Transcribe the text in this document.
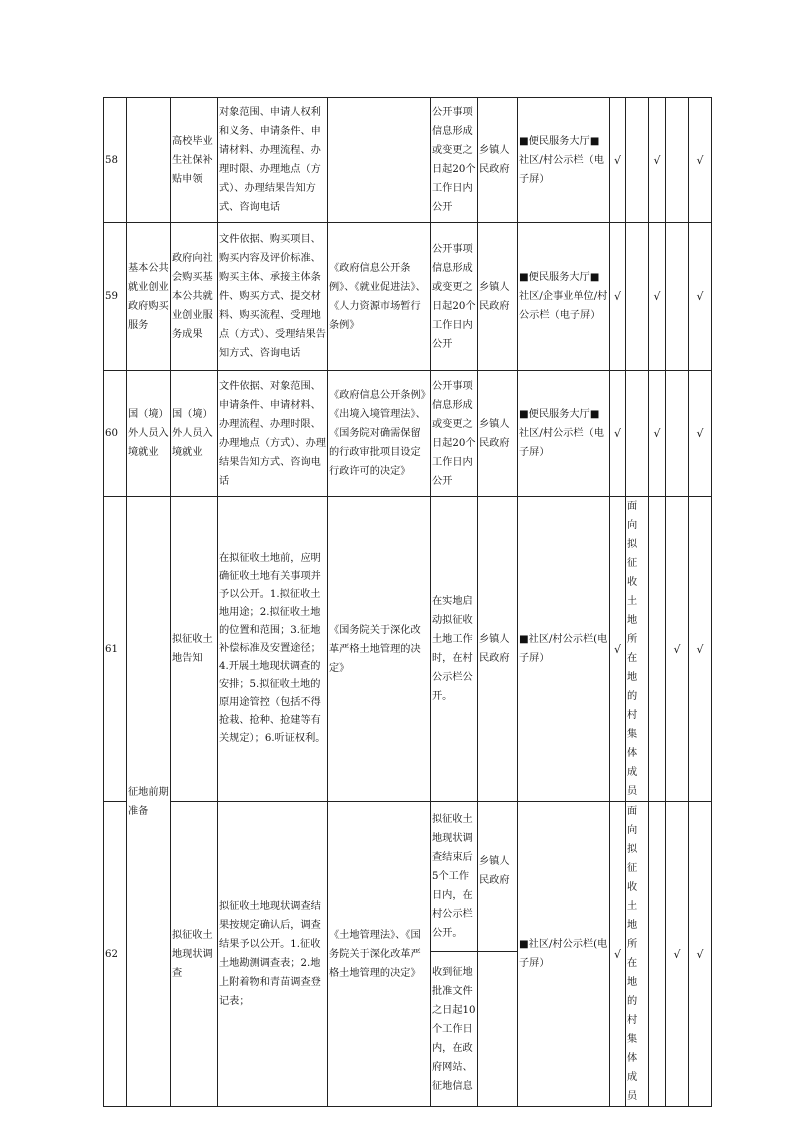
58		高校毕业生社保补贴申领	对象范围、申请人权利和义务、申请条件、申请材料、办理流程、办理时限、办理地点（方式）、办理结果告知方式、咨询电话		公开事项信息形成或变更之日起20个工作日内公开	乡镇人民政府	■便民服务大厅■社区/村公示栏（电子屏）	√		√		√
59	基本公共就业创业政府购买服务	政府向社会购买基本公共就业创业服务成果	文件依据、购买项目、购买内容及评价标准、购买主体、承接主体条件、购买方式、提交材料、购买流程、受理地点（方式）、受理结果告知方式、咨询电话	《政府信息公开条例》、《就业促进法》、《人力资源市场暂行条例》	公开事项信息形成或变更之日起20个工作日内公开	乡镇人民政府	■便民服务大厅■社区/企事业单位/村公示栏（电子屏）	√		√		√
60	国（境）外人员入境就业	国（境）外人员入境就业	文件依据、对象范围、申请条件、申请材料、办理流程、办理时限、办理地点（方式）、办理结果告知方式、咨询电话	《政府信息公开条例》《出境入境管理法》、《国务院对确需保留的行政审批项目设定行政许可的决定》	公开事项信息形成或变更之日起20个工作日内公开	乡镇人民政府	■便民服务大厅■社区/村公示栏（电子屏）	√		√		√
61	征地前期准备	拟征收土地告知	在拟征收土地前，应明确征收土地有关事项并予以公开。1.拟征收土地用途；2.拟征收土地的位置和范围；3.征地补偿标准及安置途径；4.开展土地现状调查的安排；5.拟征收土地的原用途管控（包括不得抢栽、抢种、抢建等有关规定）；6.听证权利。	《国务院关于深化改革严格土地管理的决定》	在实地启动拟征收土地工作时，在村公示栏公开。	乡镇人民政府	■社区/村公示栏(电子屏）	√	面向拟征收土地所在地的村集体成员		√	√
62		拟征收土地现状调查	拟征收土地现状调查结果按规定确认后，调查结果予以公开。1.征收土地勘测调查表；2.地上附着物和青苗调查登记表；	《土地管理法》、《国务院关于深化改革严格土地管理的决定》	拟征收土地现状调查结束后5个工作日内，在村公示栏公开。	乡镇人民政府	■社区/村公示栏(电子屏）	√	面向拟征收土地所在地的村集体成员		√	√
					收到征地批准文件之日起10个工作日内，在政府网站、征地信息							
